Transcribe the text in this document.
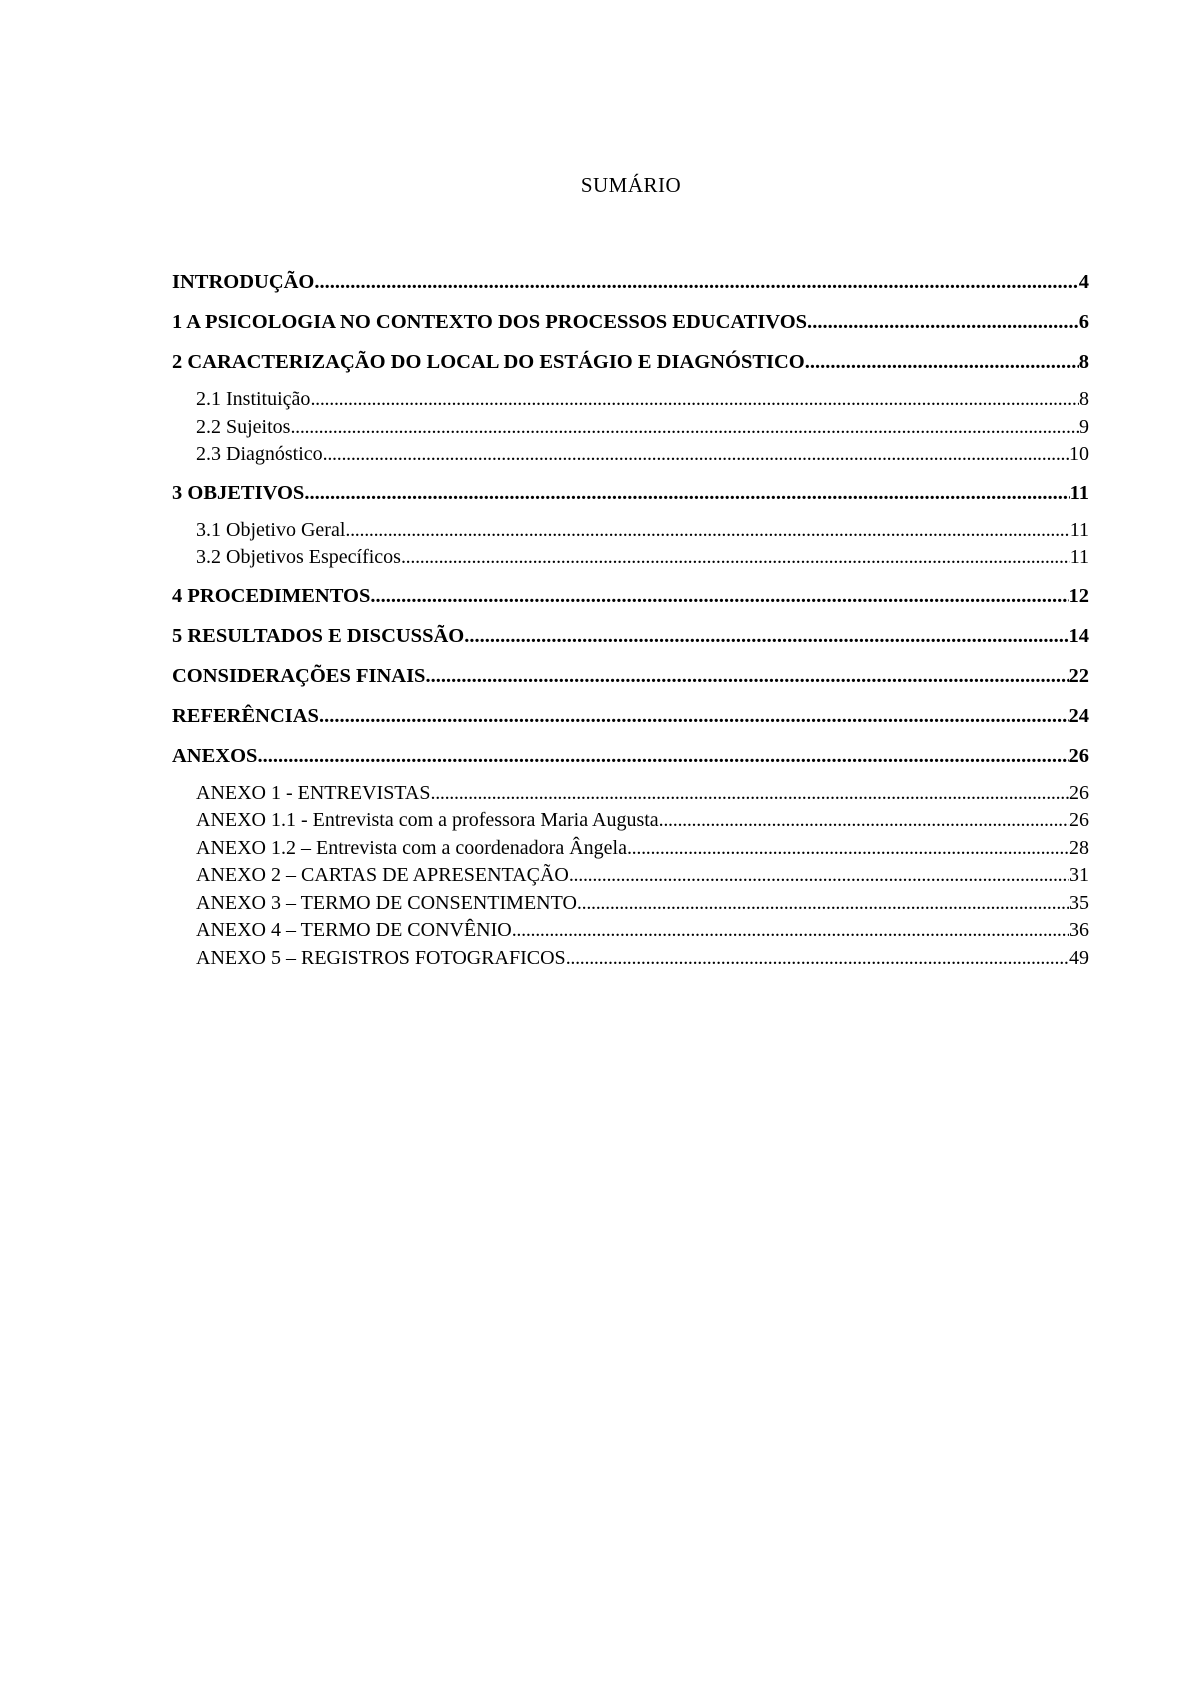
SUMÁRIO
INTRODUÇÃO .....	4
1 A PSICOLOGIA NO CONTEXTO DOS PROCESSOS EDUCATIVOS. .....	6
2 CARACTERIZAÇÃO DO LOCAL DO ESTÁGIO E DIAGNÓSTICO .....	8
2.1 Instituição .....	8
2.2 Sujeitos .....	9
2.3 Diagnóstico .....	10
3 OBJETIVOS .....	11
3.1 Objetivo Geral .....	11
3.2 Objetivos Específicos .....	11
4 PROCEDIMENTOS. .....	12
5 RESULTADOS E DISCUSSÃO .....	14
CONSIDERAÇÕES FINAIS .....	22
REFERÊNCIAS .....	24
ANEXOS .....	26
ANEXO 1 - ENTREVISTAS .....	26
ANEXO 1.1 - Entrevista com a professora Maria Augusta .....	26
ANEXO 1.2 – Entrevista com a coordenadora Ângela .....	28
ANEXO 2 – CARTAS DE APRESENTAÇÃO .....	31
ANEXO 3 – TERMO DE CONSENTIMENTO .....	35
ANEXO 4 – TERMO DE CONVÊNIO .....	36
ANEXO 5 – REGISTROS FOTOGRAFICOS .....	49
